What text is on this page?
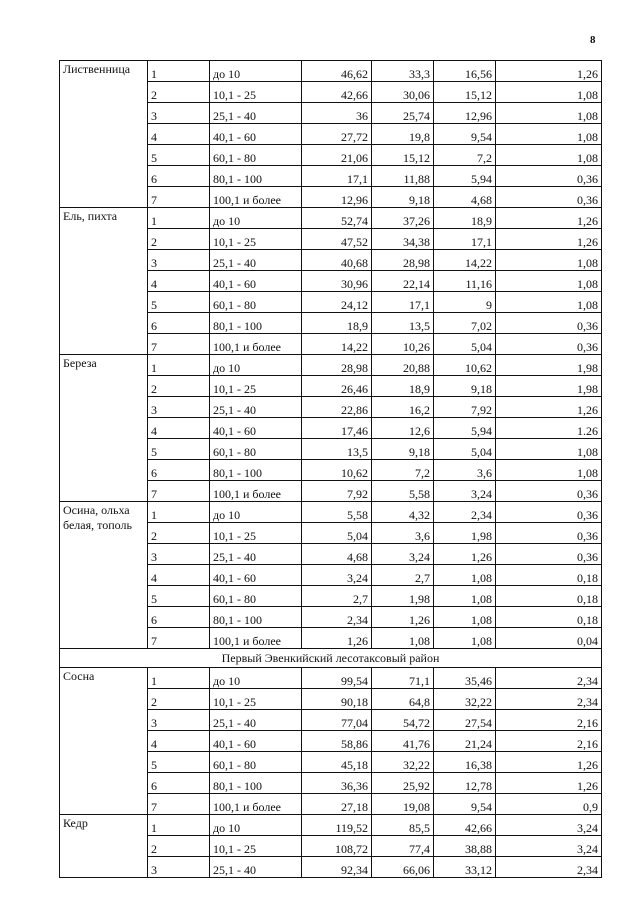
8
Лиственница	1	до 10	46,62	33,3	16,56	1,26
	2	10,1 - 25	42,66	30,06	15,12	1,08
	3	25,1 - 40	36	25,74	12,96	1,08
	4	40,1 - 60	27,72	19,8	9,54	1,08
	5	60,1 - 80	21,06	15,12	7,2	1,08
	6	80,1 - 100	17,1	11,88	5,94	0,36
	7	100,1 и более	12,96	9,18	4,68	0,36
Ель, пихта	1	до 10	52,74	37,26	18,9	1,26
	2	10,1 - 25	47,52	34,38	17,1	1,26
	3	25,1 - 40	40,68	28,98	14,22	1,08
	4	40,1 - 60	30,96	22,14	11,16	1,08
	5	60,1 - 80	24,12	17,1	9	1,08
	6	80,1 - 100	18,9	13,5	7,02	0,36
	7	100,1 и более	14,22	10,26	5,04	0,36
Береза	1	до 10	28,98	20,88	10,62	1,98
	2	10,1 - 25	26,46	18,9	9,18	1,98
	3	25,1 - 40	22,86	16,2	7,92	1,26
	4	40,1 - 60	17,46	12,6	5,94	1.26
	5	60,1 - 80	13,5	9,18	5,04	1,08
	6	80,1 - 100	10,62	7,2	3,6	1,08
	7	100,1 и более	7,92	5,58	3,24	0,36
Осина, ольха белая, тополь	1	до 10	5,58	4,32	2,34	0,36
	2	10,1 - 25	5,04	3,6	1,98	0,36
	3	25,1 - 40	4,68	3,24	1,26	0,36
	4	40,1 - 60	3,24	2,7	1,08	0,18
	5	60,1 - 80	2,7	1,98	1,08	0,18
	6	80,1 - 100	2,34	1,26	1,08	0,18
	7	100,1 и более	1,26	1,08	1,08	0,04
Первый Эвенкийский лесотаксовый район						
Сосна	1	до 10	99,54	71,1	35,46	2,34
	2	10,1 - 25	90,18	64,8	32,22	2,34
	3	25,1 - 40	77,04	54,72	27,54	2,16
	4	40,1 - 60	58,86	41,76	21,24	2,16
	5	60,1 - 80	45,18	32,22	16,38	1,26
	6	80,1 - 100	36,36	25,92	12,78	1,26
	7	100,1 и более	27,18	19,08	9,54	0,9
Кедр	1	до 10	119,52	85,5	42,66	3,24
	2	10,1 - 25	108,72	77,4	38,88	3,24
	3	25,1 - 40	92,34	66,06	33,12	2,34
